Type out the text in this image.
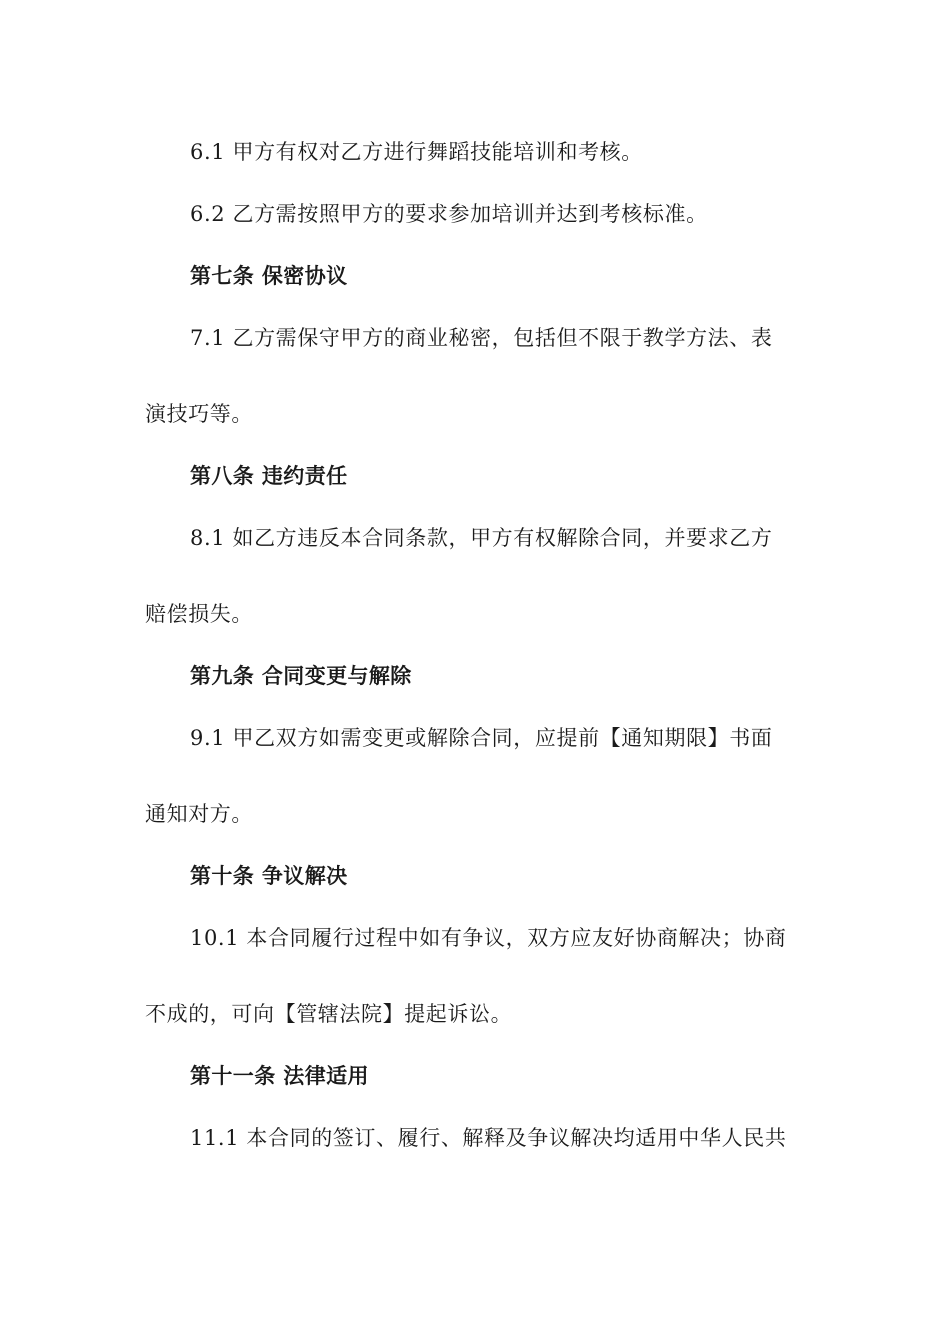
6.1 甲方有权对乙方进行舞蹈技能培训和考核。
6.2 乙方需按照甲方的要求参加培训并达到考核标准。
第七条 保密协议
7.1 乙方需保守甲方的商业秘密，包括但不限于教学方法、表
演技巧等。
第八条 违约责任
8.1 如乙方违反本合同条款，甲方有权解除合同，并要求乙方
赔偿损失。
第九条 合同变更与解除
9.1 甲乙双方如需变更或解除合同，应提前【通知期限】书面
通知对方。
第十条 争议解决
10.1 本合同履行过程中如有争议，双方应友好协商解决；协商
不成的，可向【管辖法院】提起诉讼。
第十一条 法律适用
11.1 本合同的签订、履行、解释及争议解决均适用中华人民共
